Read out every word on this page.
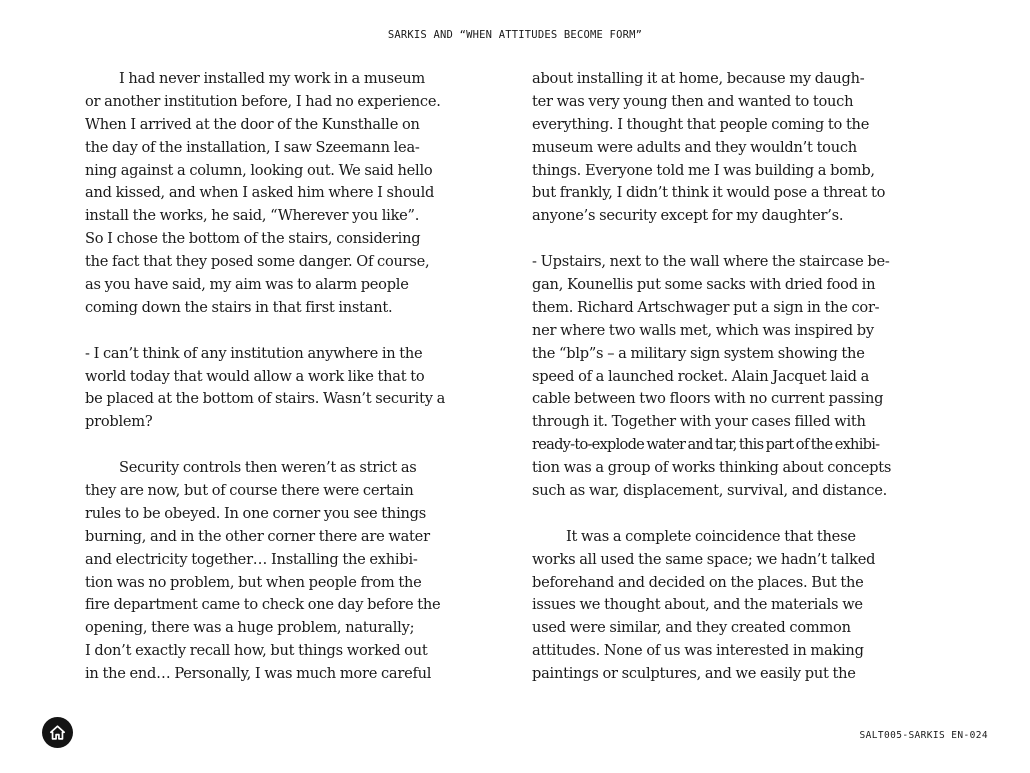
SARKIS AND “WHEN ATTITUDES BECOME FORM”
I had never installed my work in a museum
or another institution before, I had no experience.
When I arrived at the door of the Kunsthalle on
the day of the installation, I saw Szeemann lea-
ning against a column, looking out. We said hello
and kissed, and when I asked him where I should
install the works, he said, “Wherever you like”.
So I chose the bottom of the stairs, considering
the fact that they posed some danger. Of course,
as you have said, my aim was to alarm people
coming down the stairs in that first instant.
- I can’t think of any institution anywhere in the
world today that would allow a work like that to
be placed at the bottom of stairs. Wasn’t security a
problem?
Security controls then weren’t as strict as
they are now, but of course there were certain
rules to be obeyed. In one corner you see things
burning, and in the other corner there are water
and electricity together… Installing the exhibi-
tion was no problem, but when people from the
fire department came to check one day before the
opening, there was a huge problem, naturally;
I don’t exactly recall how, but things worked out
in the end… Personally, I was much more careful
about installing it at home, because my daugh-
ter was very young then and wanted to touch
everything. I thought that people coming to the
museum were adults and they wouldn’t touch
things. Everyone told me I was building a bomb,
but frankly, I didn’t think it would pose a threat to
anyone’s security except for my daughter’s.
- Upstairs, next to the wall where the staircase be-
gan, Kounellis put some sacks with dried food in
them. Richard Artschwager put a sign in the cor-
ner where two walls met, which was inspired by
the “blp”s – a military sign system showing the
speed of a launched rocket. Alain Jacquet laid a
cable between two floors with no current passing
through it. Together with your cases filled with
ready-to-explode water and tar, this part of the exhibi-
tion was a group of works thinking about concepts
such as war, displacement, survival, and distance.
It was a complete coincidence that these
works all used the same space; we hadn’t talked
beforehand and decided on the places. But the
issues we thought about, and the materials we
used were similar, and they created common
attitudes. None of us was interested in making
paintings or sculptures, and we easily put the
SALT005-SARKIS EN-024
